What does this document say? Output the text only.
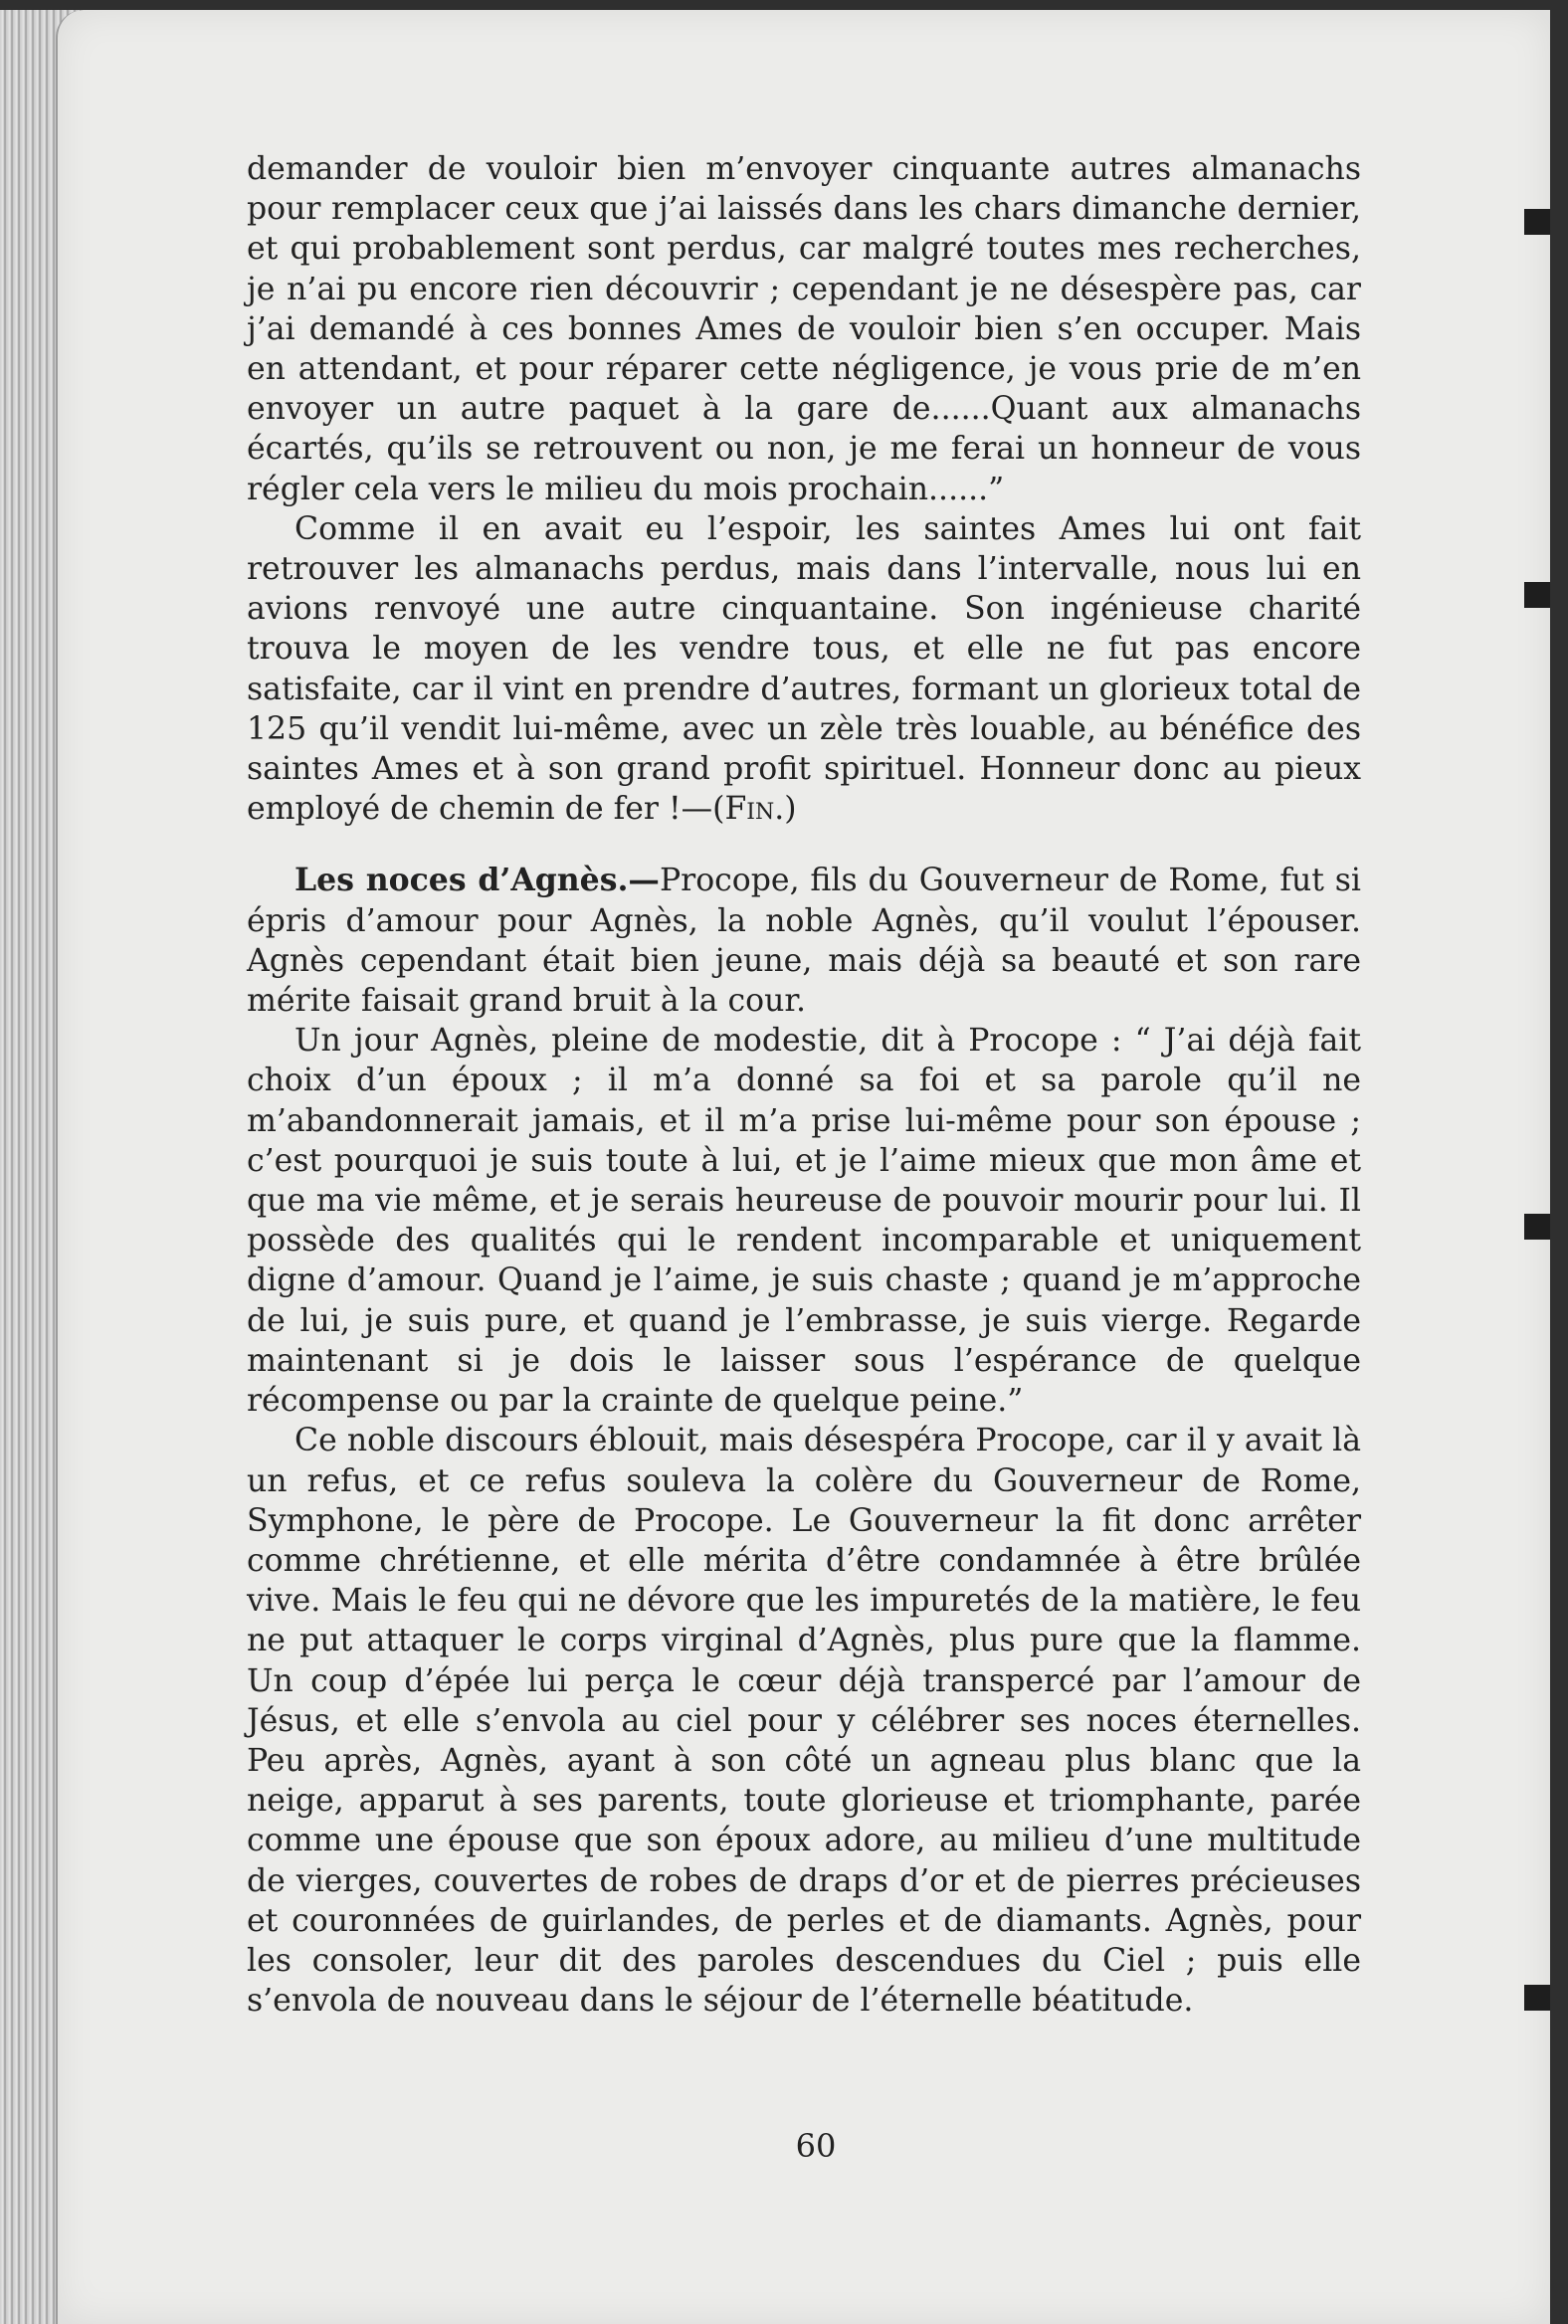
demander de vouloir bien m’envoyer cinquante autres almanachs pour remplacer ceux que j’ai laissés dans les chars dimanche dernier, et qui probablement sont perdus, car malgré toutes mes recherches, je n’ai pu encore rien découvrir ; cependant je ne désespère pas, car j’ai demandé à ces bonnes Ames de vouloir bien s’en occuper. Mais en attendant, et pour réparer cette négligence, je vous prie de m’en envoyer un autre paquet à la gare de......Quant aux almanachs écartés, qu’ils se retrouvent ou non, je me ferai un honneur de vous régler cela vers le milieu du mois prochain......”

Comme il en avait eu l’espoir, les saintes Ames lui ont fait retrouver les almanachs perdus, mais dans l’intervalle, nous lui en avions renvoyé une autre cinquantaine. Son ingénieuse charité trouva le moyen de les vendre tous, et elle ne fut pas encore satisfaite, car il vint en prendre d’autres, formant un glorieux total de 125 qu’il vendit lui-même, avec un zèle très louable, au bénéfice des saintes Ames et à son grand profit spirituel. Honneur donc au pieux employé de chemin de fer !—(Fin.)

Les noces d’Agnès.—Procope, fils du Gouverneur de Rome, fut si épris d’amour pour Agnès, la noble Agnès, qu’il voulut l’épouser. Agnès cependant était bien jeune, mais déjà sa beauté et son rare mérite faisait grand bruit à la cour.

Un jour Agnès, pleine de modestie, dit à Procope : “ J’ai déjà fait choix d’un époux ; il m’a donné sa foi et sa parole qu’il ne m’abandonnerait jamais, et il m’a prise lui-même pour son épouse ; c’est pourquoi je suis toute à lui, et je l’aime mieux que mon âme et que ma vie même, et je serais heureuse de pouvoir mourir pour lui. Il possède des qualités qui le rendent incomparable et uniquement digne d’amour. Quand je l’aime, je suis chaste ; quand je m’approche de lui, je suis pure, et quand je l’embrasse, je suis vierge. Regarde maintenant si je dois le laisser sous l’espérance de quelque récompense ou par la crainte de quelque peine.”

Ce noble discours éblouit, mais désespéra Procope, car il y avait là un refus, et ce refus souleva la colère du Gouverneur de Rome, Symphone, le père de Procope. Le Gouverneur la fit donc arrêter comme chrétienne, et elle mérita d’être condamnée à être brûlée vive. Mais le feu qui ne dévore que les impuretés de la matière, le feu ne put attaquer le corps virginal d’Agnès, plus pure que la flamme. Un coup d’épée lui perça le cœur déjà transpercé par l’amour de Jésus, et elle s’envola au ciel pour y célébrer ses noces éternelles. Peu après, Agnès, ayant à son côté un agneau plus blanc que la neige, apparut à ses parents, toute glorieuse et triomphante, parée comme une épouse que son époux adore, au milieu d’une multitude de vierges, couvertes de robes de draps d’or et de pierres précieuses et couronnées de guirlandes, de perles et de diamants. Agnès, pour les consoler, leur dit des paroles descendues du Ciel ; puis elle s’envola de nouveau dans le séjour de l’éternelle béatitude.

60
